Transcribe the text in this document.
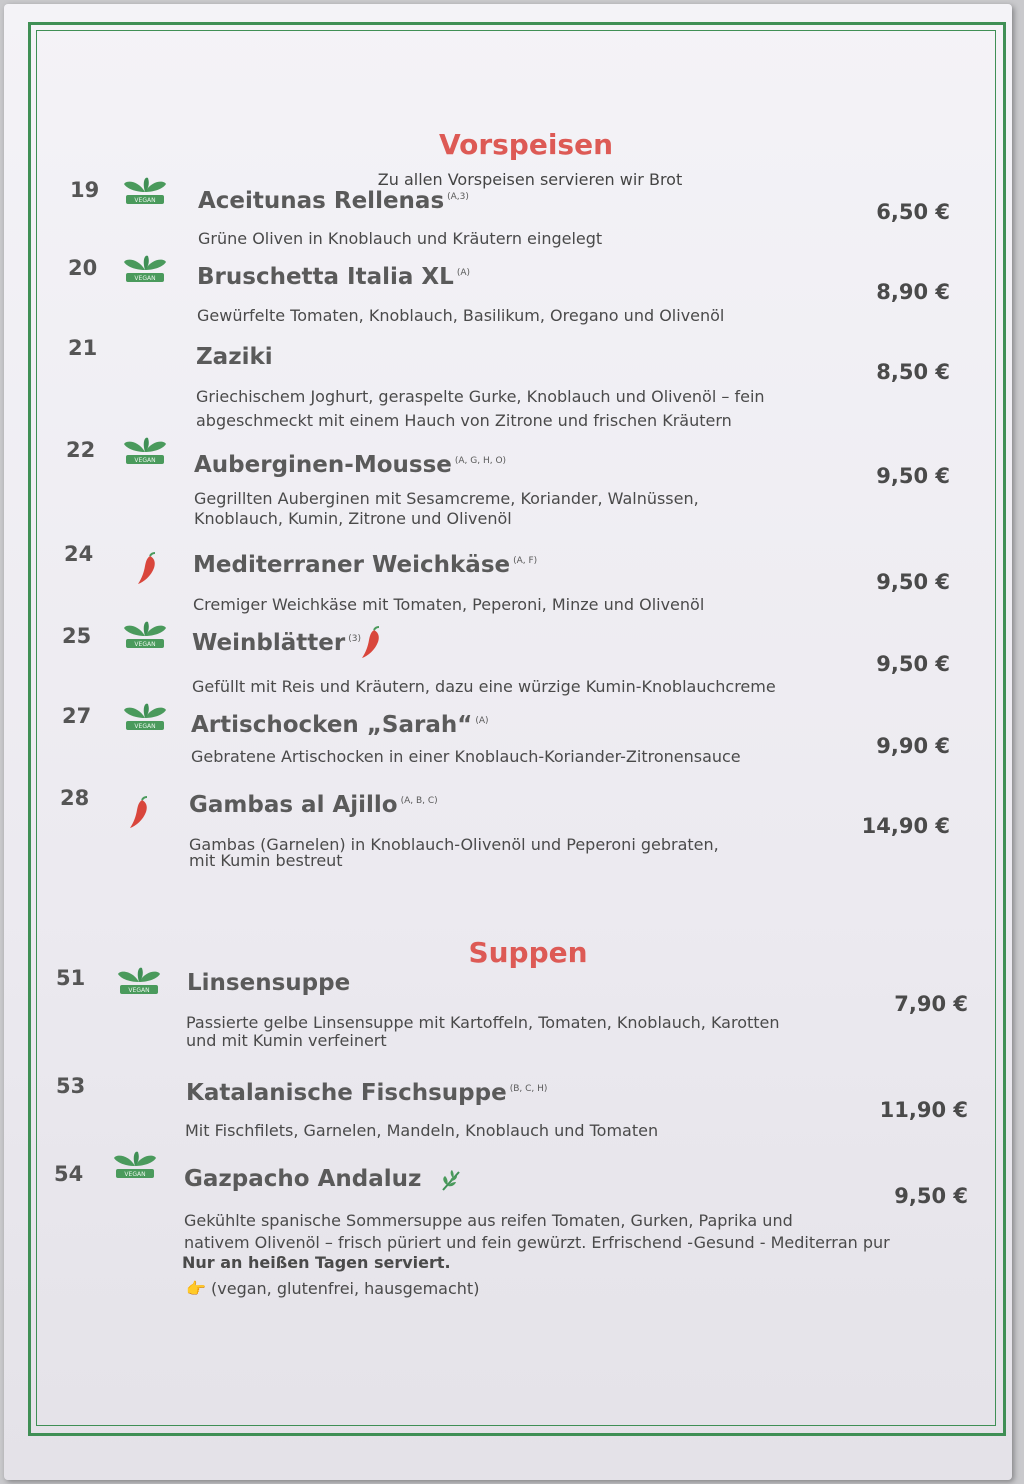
Vorspeisen
Zu allen Vorspeisen servieren wir Brot
19	VEGAN Aceitunas Rellenas $^{(A,3)}$
Grüne Oliven in Knoblauch und Kräutern eingelegt
6,50 €
20	VEGAN Bruschetta Italia XL $^{(A)}$
Gewürfelte Tomaten, Knoblauch, Basilikum, Oregano und Olivenöl
8,90 €
21	Zaziki
Griechischem Joghurt, geraspelte Gurke, Knoblauch und Olivenöl – fein
abgeschmeckt mit einem Hauch von Zitrone und frischen Kräutern
8,50 €
22	VEGAN Auberginen-Mousse $^{(A, G, H, O)}$
Gegrillten Auberginen mit Sesamcreme, Koriander, Walnüssen,
Knoblauch, Kumin, Zitrone und Olivenöl
9,50 €
24	Mediterraner Weichkäse $^{(A, F)}$
Cremiger Weichkäse mit Tomaten, Peperoni, Minze und Olivenöl
9,50 €
25	VEGAN Weinblätter $^{(3)}$
Gefüllt mit Reis und Kräutern, dazu eine würzige Kumin-Knoblauchcreme
9,50 €
27	VEGAN Artischocken „Sarah“ $^{(A)}$
Gebratene Artischocken in einer Knoblauch-Koriander-Zitronensauce	9,90 €
28	Gambas al Ajillo $^{(A, B, C)}$
Gambas (Garnelen) in Knoblauch-Olivenöl und Peperoni gebraten,
mit Kumin bestreut
14,90 €
Suppen
51
VEGAN Linsensuppe
Passierte gelbe Linsensuppe mit Kartoffeln, Tomaten, Knoblauch, Karotten
und mit Kumin verfeinert
7,90 €
53	Katalanische Fischsuppe $^{(B, C, H)}$
Mit Fischfilets, Garnelen, Mandeln, Knoblauch und Tomaten
11,90 €
54	VEGAN Gazpacho Andaluz
Gekühlte spanische Sommersuppe aus reifen Tomaten, Gurken, Paprika und
nativem Olivenöl – frisch püriert und fein gewürzt. Erfrischend -Gesund - Mediterran pur
Nur an heißen Tagen serviert.
👉 (vegan, glutenfrei, hausgemacht)
9,50 €
